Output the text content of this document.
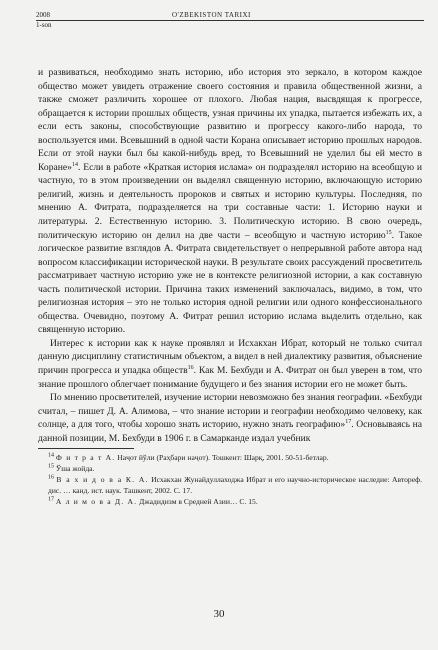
2008	O'ZBEKISTON TARIXI
1-son

и развиваться, необходимо знать историю, ибо история это зеркало, в котором каждое общество может увидеть отражение своего состояния и правила общественной жизни, а также сможет различить хорошее от плохого. Любая нация, высвдящая к прогрессе, обращается к истории прошлых обществ, узная причины их упадка, пытается избежать их, а если есть законы, способствующие развитию и прогрессу какого-либо народа, то воспользуется ими. Всевышний в одной части Корана описывает историю прошлых народов. Если от этой науки был бы какой-нибудь вред, то Всевышний не уделил бы ей место в Коране»$^{14}$. Если в работе «Краткая история ислама» он подразделял историю на всеобщую и частную, то в этом произведении он выделял священную историю, включающую историю религий, жизнь и деятельность пророков и святых и историю культуры. Последняя, по мнению А. Фитрата, подразделяется на три составные части: 1. Историю науки и литературы. 2. Естественную историю. 3. Политическую историю. В свою очередь, политическую историю он делил на две части – всеобщую и частную историю$^{15}$. Такое логическое развитие взглядов А. Фитрата свидетельствует о непрерывной работе автора над вопросом классификации исторической науки. В результате своих рассуждений просветитель рассматривает частную историю уже не в контексте религиозной истории, а как составную часть политической истории. Причина таких изменений заключалась, видимо, в том, что религиозная история – это не только история одной религии или одного конфессионального общества. Очевидно, поэтому А. Фитрат решил историю ислама выделить отдельно, как священную историю.

Интерес к истории как к науке проявлял и Исхакхан Ибрат, который не только считал данную дисциплину статистичным объектом, а видел в ней диалектику развития, объяснение причин прогресса и упадка обществ$^{16}$. Как М. Бехбуди и А. Фитрат он был уверен в том, что знание прошлого облегчает понимание будущего и без знания истории его не может быть.

По мнению просветителей, изучение истории невозможно без знания географии. «Бехбуди считал, – пишет Д. А. Алимова, – что знание истории и географии необходимо человеку, как солнце, а для того, чтобы хорошо знать историю, нужно знать географию»$^{17}$. Основываясь на данной позиции, М. Бехбуди в 1906 г. в Самарканде издал учебник

$^{14}$ Ф и т р а т А. Наҷот йўли (Раҳбари наҷот). Тошкент: Шарқ, 2001. 50-51-бетлар.
$^{15}$ Ўша жойда.
$^{16}$ В а х и д о в а К. А. Исхакхан Жунайдуллаходжа Ибрат и его научно-историческое наследие: Автореф. дис. … канд. ист. наук. Ташкент, 2002. С. 17.
$^{17}$ А л и м о в а Д. А. Джадидизм в Средней Азии… С. 15.
30
